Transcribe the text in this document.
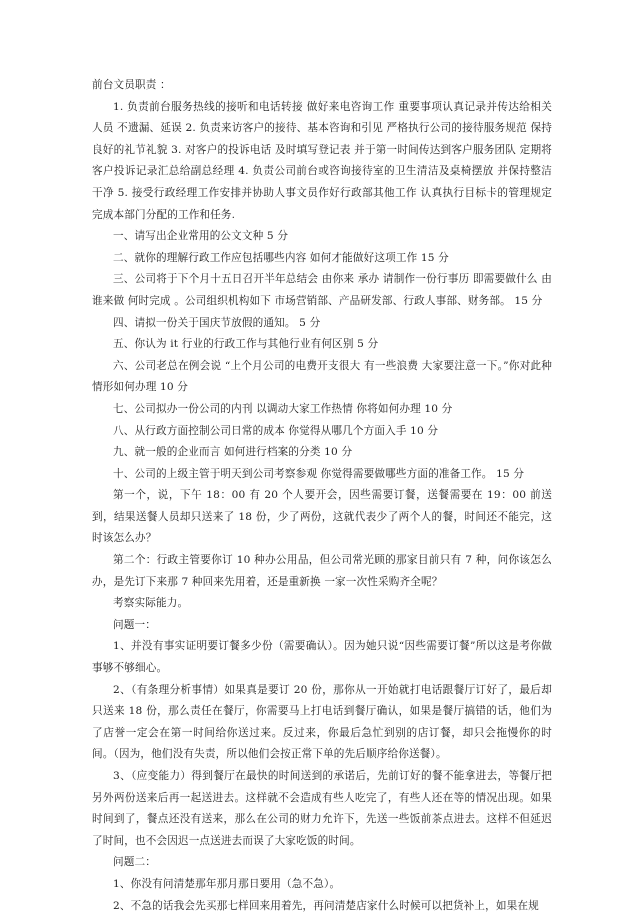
前台文员职责 ：

1. 负责前台服务热线的接听和电话转接 做好来电咨询工作 重要事项认真记录并传达给相关人员 不遗漏、延误 2. 负责来访客户的接待、基本咨询和引见 严格执行公司的接待服务规范 保持良好的礼节礼貌 3. 对客户的投诉电话 及时填写登记表 并于第一时间传达到客户服务团队 定期将客户投诉记录汇总给副总经理 4. 负责公司前台或咨询接待室的卫生清洁及桌椅摆放 并保持整洁干净 5. 接受行政经理工作安排并协助人事文员作好行政部其他工作 认真执行目标卡的管理规定 完成本部门分配的工作和任务.

一、请写出企业常用的公文文种 5 分

二、就你的理解行政工作应包括哪些内容 如何才能做好这项工作 15 分

三、公司将于下个月十五日召开半年总结会 由你来 承办 请制作一份行事历 即需要做什么 由谁来做 何时完成 。公司组织机构如下 市场营销部、产品研发部、行政人事部、财务部。 15 分

四、请拟一份关于国庆节放假的通知。 5 分

五、你认为 it 行业的行政工作与其他行业有何区别 5 分

六、公司老总在例会说 “上个月公司的电费开支很大 有一些浪费 大家要注意一下。”你对此种情形如何办理 10 分

七、公司拟办一份公司的内刊 以调动大家工作热情 你将如何办理 10 分

八、从行政方面控制公司日常的成本 你觉得从哪几个方面入手 10 分

九、就一般的企业而言 如何进行档案的分类 10 分

十、公司的上级主管于明天到公司考察参观 你觉得需要做哪些方面的准备工作。 15 分

第一个，说，下午 18：00 有 20 个人要开会，因些需要订餐，送餐需要在 19：00 前送到，结果送餐人员却只送来了 18 份，少了两份，这就代表少了两个人的餐，时间还不能完，这时该怎么办？

第二个：行政主管要你订 10 种办公用品，但公司常光顾的那家目前只有 7 种，问你该怎么办，是先订下来那 7 种回来先用着，还是重新换 一家一次性采购齐全呢？

考察实际能力。

问题一：

1、并没有事实证明要订餐多少份（需要确认）。因为她只说“因些需要订餐”所以这是考你做事够不够细心。

2、（有条理分析事情）如果真是要订 20 份，那你从一开始就打电话跟餐厅订好了，最后却只送来 18 份，那么责任在餐厅，你需要马上打电话到餐厅确认，如果是餐厅搞错的话，他们为了店誉一定会在第一时间给你送过来。反过来，你最后急忙到别的店订餐，却只会拖慢你的时间。（因为，他们没有失责，所以他们会按正常下单的先后顺序给你送餐）。

3、（应变能力）得到餐厅在最快的时间送到的承诺后，先前订好的餐不能拿进去，等餐厅把另外两份送来后再一起送进去。这样就不会造成有些人吃完了，有些人还在等的情况出现。如果时间到了，餐点还没有送来，那么在公司的财力允许下，先送一些饭前茶点进去。这样不但延迟了时间，也不会因迟一点送进去而误了大家吃饭的时间。

问题二：

1、你没有问清楚那年那月那日要用（急不急）。

2、不急的话我会先买那七样回来用着先，再问清楚店家什么时候可以把货补上，如果在规
